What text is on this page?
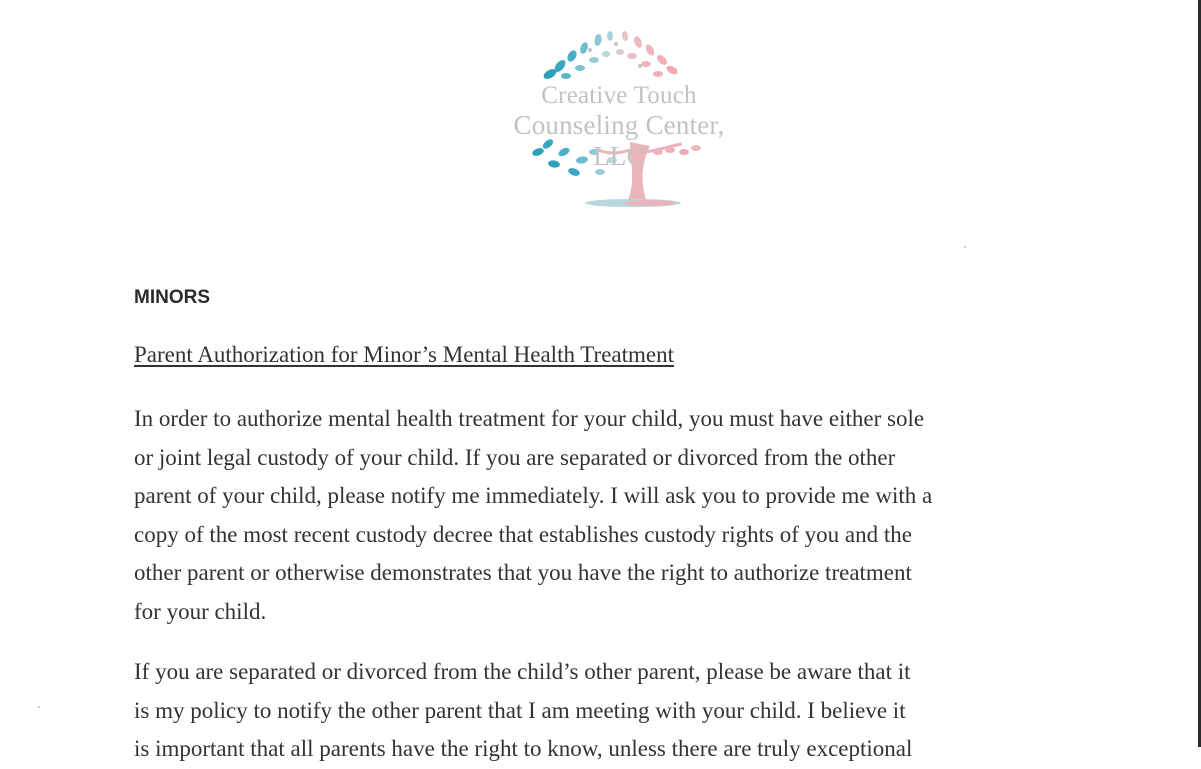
Creative Touch
Counseling Center, LLC
MINORS

Parent Authorization for Minor’s Mental Health Treatment

In order to authorize mental health treatment for your child, you must have either sole
or joint legal custody of your child. If you are separated or divorced from the other
parent of your child, please notify me immediately. I will ask you to provide me with a
copy of the most recent custody decree that establishes custody rights of you and the
other parent or otherwise demonstrates that you have the right to authorize treatment
for your child.
If you are separated or divorced from the child’s other parent, please be aware that it
is my policy to notify the other parent that I am meeting with your child. I believe it
is important that all parents have the right to know, unless there are truly exceptional
